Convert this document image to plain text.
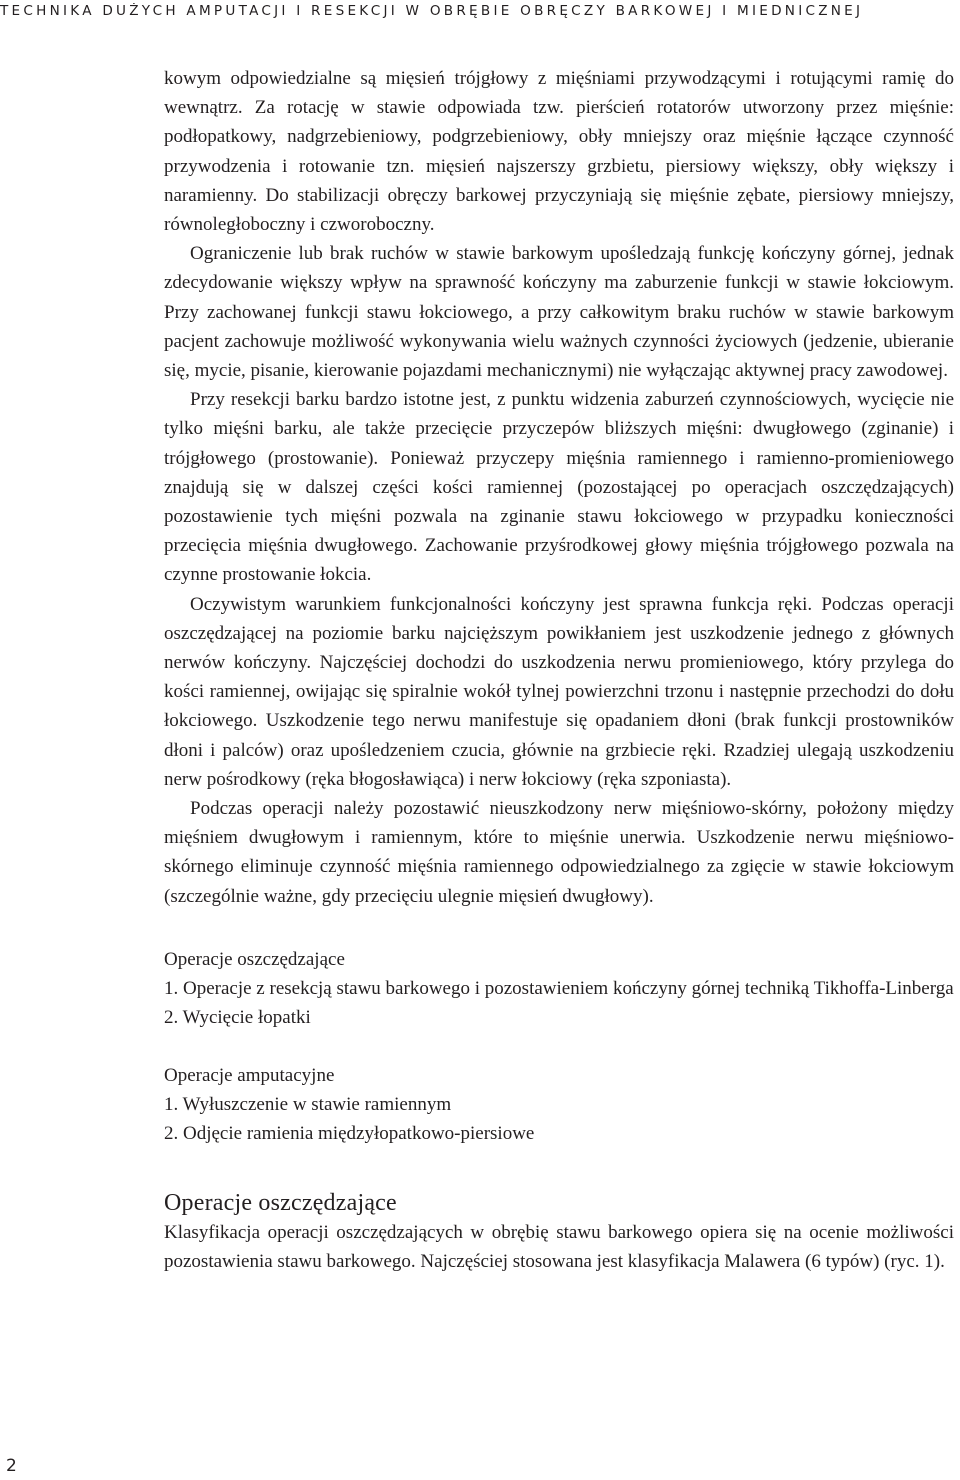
TECHNIKA DUŻYCH AMPUTACJI I RESEKCJI W OBRĘBIE OBRĘCZY BARKOWEJ I MIEDNICZNEJ

kowym odpowiedzialne są mięsień trójgłowy z mięśniami przywodzącymi i rotującymi ramię do wewnątrz. Za rotację w stawie odpowiada tzw. pierścień rotatorów utworzony przez mięśnie: podłopatkowy, nadgrzebieniowy, podgrzebieniowy, obły mniejszy oraz mięśnie łączące czynność przywodzenia i rotowanie tzn. mięsień najszerszy grzbietu, piersiowy większy, obły większy i naramienny. Do stabilizacji obręczy barkowej przyczyniają się mięśnie zębate, piersiowy mniejszy, równoległoboczny i czworoboczny.

Ograniczenie lub brak ruchów w stawie barkowym upośledzają funkcję kończyny górnej, jednak zdecydowanie większy wpływ na sprawność kończyny ma zaburzenie funkcji w stawie łokciowym. Przy zachowanej funkcji stawu łokciowego, a przy całkowitym braku ruchów w stawie barkowym pacjent zachowuje możliwość wykonywania wielu ważnych czynności życiowych (jedzenie, ubieranie się, mycie, pisanie, kierowanie pojazdami mechanicznymi) nie wyłączając aktywnej pracy zawodowej.

Przy resekcji barku bardzo istotne jest, z punktu widzenia zaburzeń czynnościowych, wycięcie nie tylko mięśni barku, ale także przecięcie przyczepów bliższych mięśni: dwugłowego (zginanie) i trójgłowego (prostowanie). Ponieważ przyczepy mięśnia ramiennego i ramienno-promieniowego znajdują się w dalszej części kości ramiennej (pozostającej po operacjach oszczędzających) pozostawienie tych mięśni pozwala na zginanie stawu łokciowego w przypadku konieczności przecięcia mięśnia dwugłowego. Zachowanie przyśrodkowej głowy mięśnia trójgłowego pozwala na czynne prostowanie łokcia.

Oczywistym warunkiem funkcjonalności kończyny jest sprawna funkcja ręki. Podczas operacji oszczędzającej na poziomie barku najcięższym powikłaniem jest uszkodzenie jednego z głównych nerwów kończyny. Najczęściej dochodzi do uszkodzenia nerwu promieniowego, który przylega do kości ramiennej, owijając się spiralnie wokół tylnej powierzchni trzonu i następnie przechodzi do dołu łokciowego. Uszkodzenie tego nerwu manifestuje się opadaniem dłoni (brak funkcji prostowników dłoni i palców) oraz upośledzeniem czucia, głównie na grzbiecie ręki. Rzadziej ulegają uszkodzeniu nerw pośrodkowy (ręka błogosławiąca) i nerw łokciowy (ręka szponiasta).

Podczas operacji należy pozostawić nieuszkodzony nerw mięśniowo-skórny, położony między mięśniem dwugłowym i ramiennym, które to mięśnie unerwia. Uszkodzenie nerwu mięśniowo-skórnego eliminuje czynność mięśnia ramiennego odpowiedzialnego za zgięcie w stawie łokciowym (szczególnie ważne, gdy przecięciu ulegnie mięsień dwugłowy).

Operacje oszczędzające
1. Operacje z resekcją stawu barkowego i pozostawieniem kończyny górnej techniką Tikhoffa-Linberga
2. Wycięcie łopatki
Operacje amputacyjne
1. Wyłuszczenie w stawie ramiennym
2. Odjęcie ramienia międzyłopatkowo-piersiowe
Operacje oszczędzające

Klasyfikacja operacji oszczędzających w obrębię stawu barkowego opiera się na ocenie możliwości pozostawienia stawu barkowego. Najczęściej stosowana jest klasyfikacja Malawera (6 typów) (ryc. 1).

2
